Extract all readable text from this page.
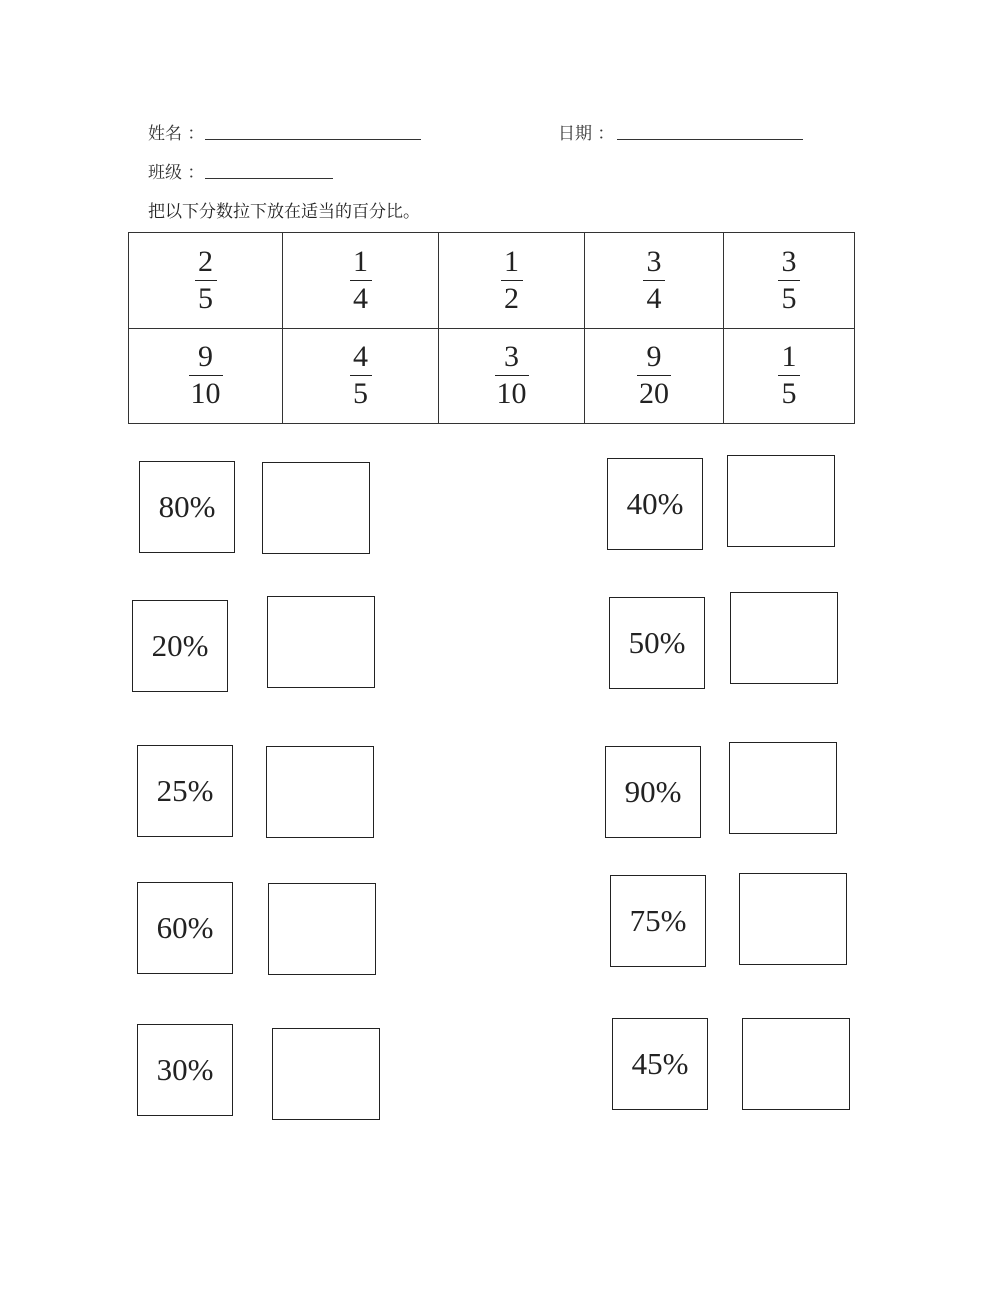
姓名 ：	日期 ：
班级 ：
把以下分数拉下放在适当的百分比。
$\frac{2}{5}$	$\frac{1}{4}$	$\frac{1}{2}$	$\frac{3}{4}$	$\frac{3}{5}$

$\frac{9}{10}$	$\frac{4}{5}$	$\frac{3}{10}$	$\frac{9}{20}$	$\frac{1}{5}$
80%	40%
20%	50%
25%	90%
60%	75%
30%	45%
